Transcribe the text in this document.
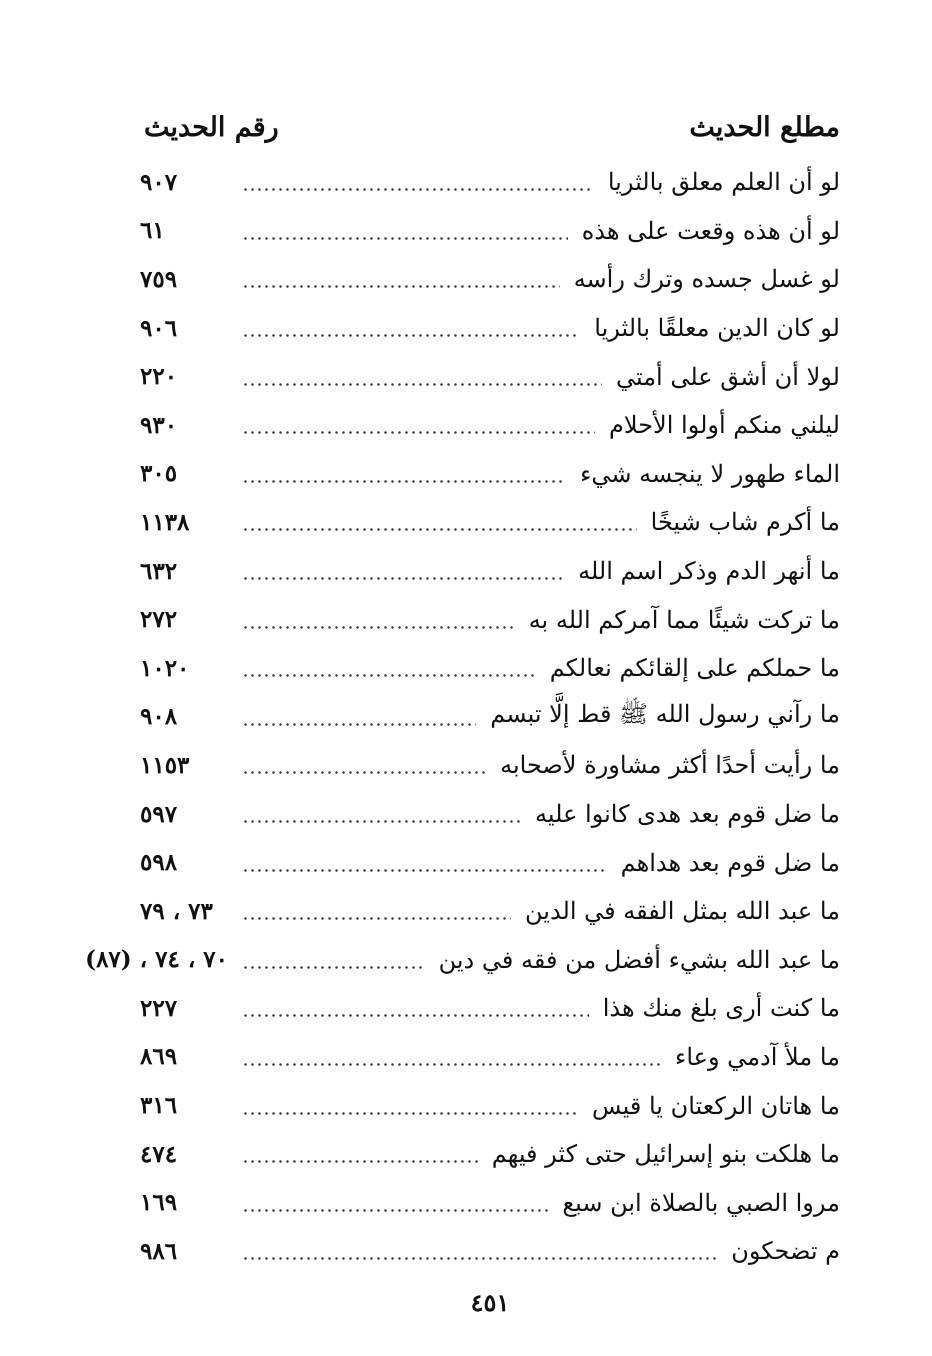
مطلع الحديث
رقم الحديث
لو أن العلم معلق بالثريا
٩٠٧
لو أن هذه وقعت على هذه
٦١
لو غسل جسده وترك رأسه
٧٥٩
لو كان الدين معلقًا بالثريا
٩٠٦
لولا أن أشق على أمتي
٢٢٠
ليلني منكم أولوا الأحلام
٩٣٠
الماء طهور لا ينجسه شيء
٣٠٥
ما أكرم شاب شيخًا
١١٣٨
ما أنهر الدم وذكر اسم الله
٦٣٢
ما تركت شيئًا مما آمركم الله به
٢٧٢
ما حملكم على إلقائكم نعالكم
١٠٢٠
ما رآني رسول الله ﷺ قط إلَّا تبسم
٩٠٨
ما رأيت أحدًا أكثر مشاورة لأصحابه
١١٥٣
ما ضل قوم بعد هدى كانوا عليه
٥٩٧
ما ضل قوم بعد هداهم
٥٩٨
ما عبد الله بمثل الفقه في الدين
٧٣ ، ٧٩
ما عبد الله بشيء أفضل من فقه في دين
٧٠ ، ٧٤ ، (٨٧)
ما كنت أرى بلغ منك هذا
٢٢٧
ما ملأ آدمي وعاء
٨٦٩
ما هاتان الركعتان يا قيس
٣١٦
ما هلكت بنو إسرائيل حتى كثر فيهم
٤٧٤
مروا الصبي بالصلاة ابن سبع
١٦٩
م تضحكون
٩٨٦
٤٥١
